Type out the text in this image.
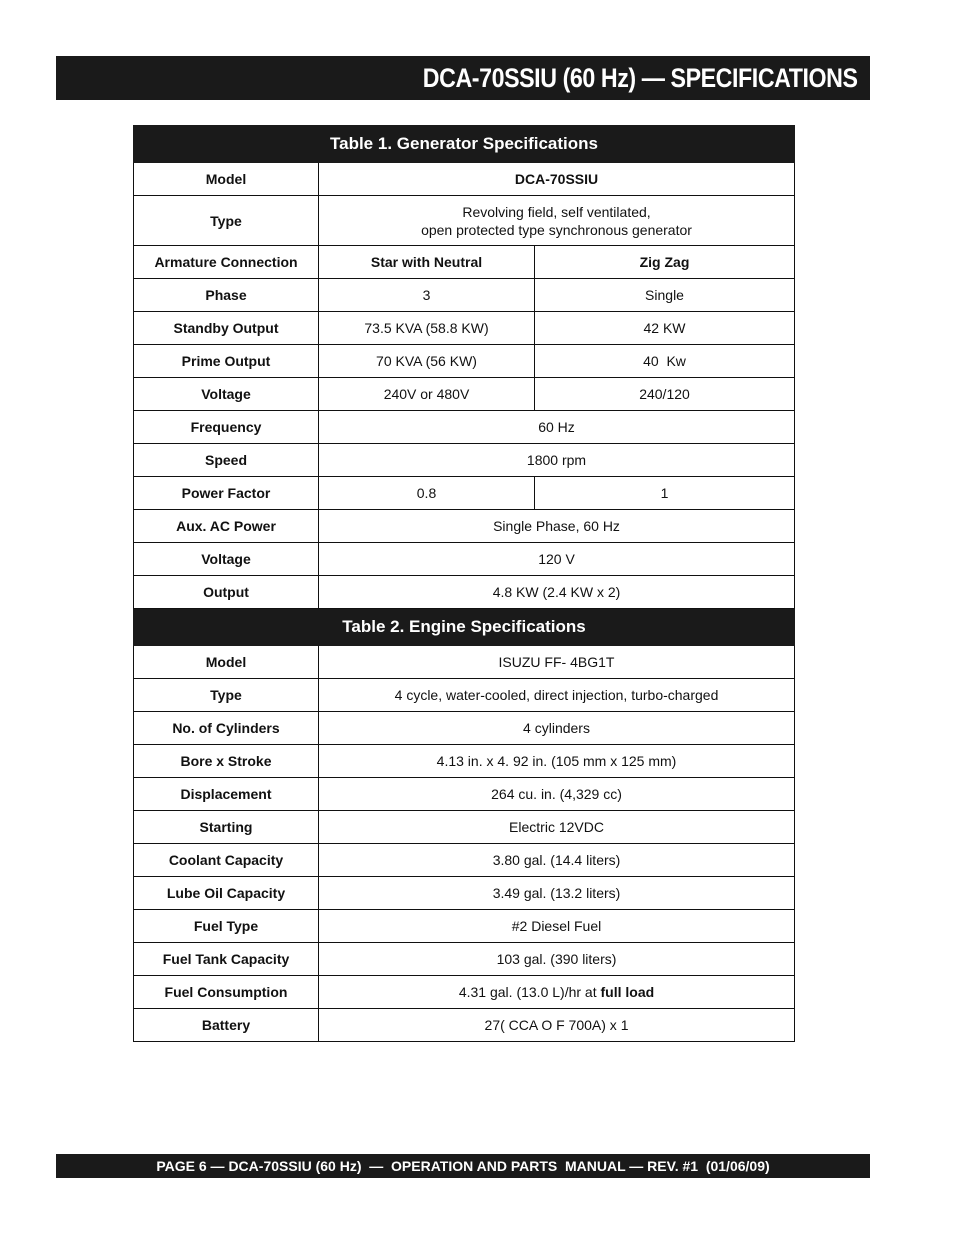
DCA-70SSIU (60 Hz) — SPECIFICATIONS
Table 1. Generator Specifications		
Model	DCA-70SSIU	
Type	Revolving field, self ventilated,
open protected type synchronous generator	

Armature Connection	Star with Neutral	Zig Zag
Phase	3	Single
Standby Output	73.5 KVA (58.8 KW)	42 KW
Prime Output	70 KVA (56 KW)	40  Kw
Voltage	240V or 480V	240/120
Frequency	60 Hz	
Speed	1800 rpm	
Power Factor	0.8	1
Aux. AC Power	Single Phase, 60 Hz	
Voltage	120 V	
Output	4.8 KW (2.4 KW x 2)	
Table 2. Engine Specifications		
Model	ISUZU FF- 4BG1T	
Type	4 cycle, water-cooled, direct injection, turbo-charged	
No. of Cylinders	4 cylinders	
Bore x Stroke	4.13 in. x 4. 92 in. (105 mm x 125 mm)	
Displacement	264 cu. in. (4,329 cc)	
Starting	Electric 12VDC	
Coolant Capacity	3.80 gal. (14.4 liters)	
Lube Oil Capacity	3.49 gal. (13.2 liters)	
Fuel Type	#2 Diesel Fuel	
Fuel Tank Capacity	103 gal. (390 liters)	
Fuel Consumption	4.31 gal. (13.0 L)/hr at full load	
Battery	27( CCA O F 700A) x 1	
PAGE 6 — DCA-70SSIU (60 Hz)  —  OPERATION AND PARTS  MANUAL — REV. #1  (01/06/09)
